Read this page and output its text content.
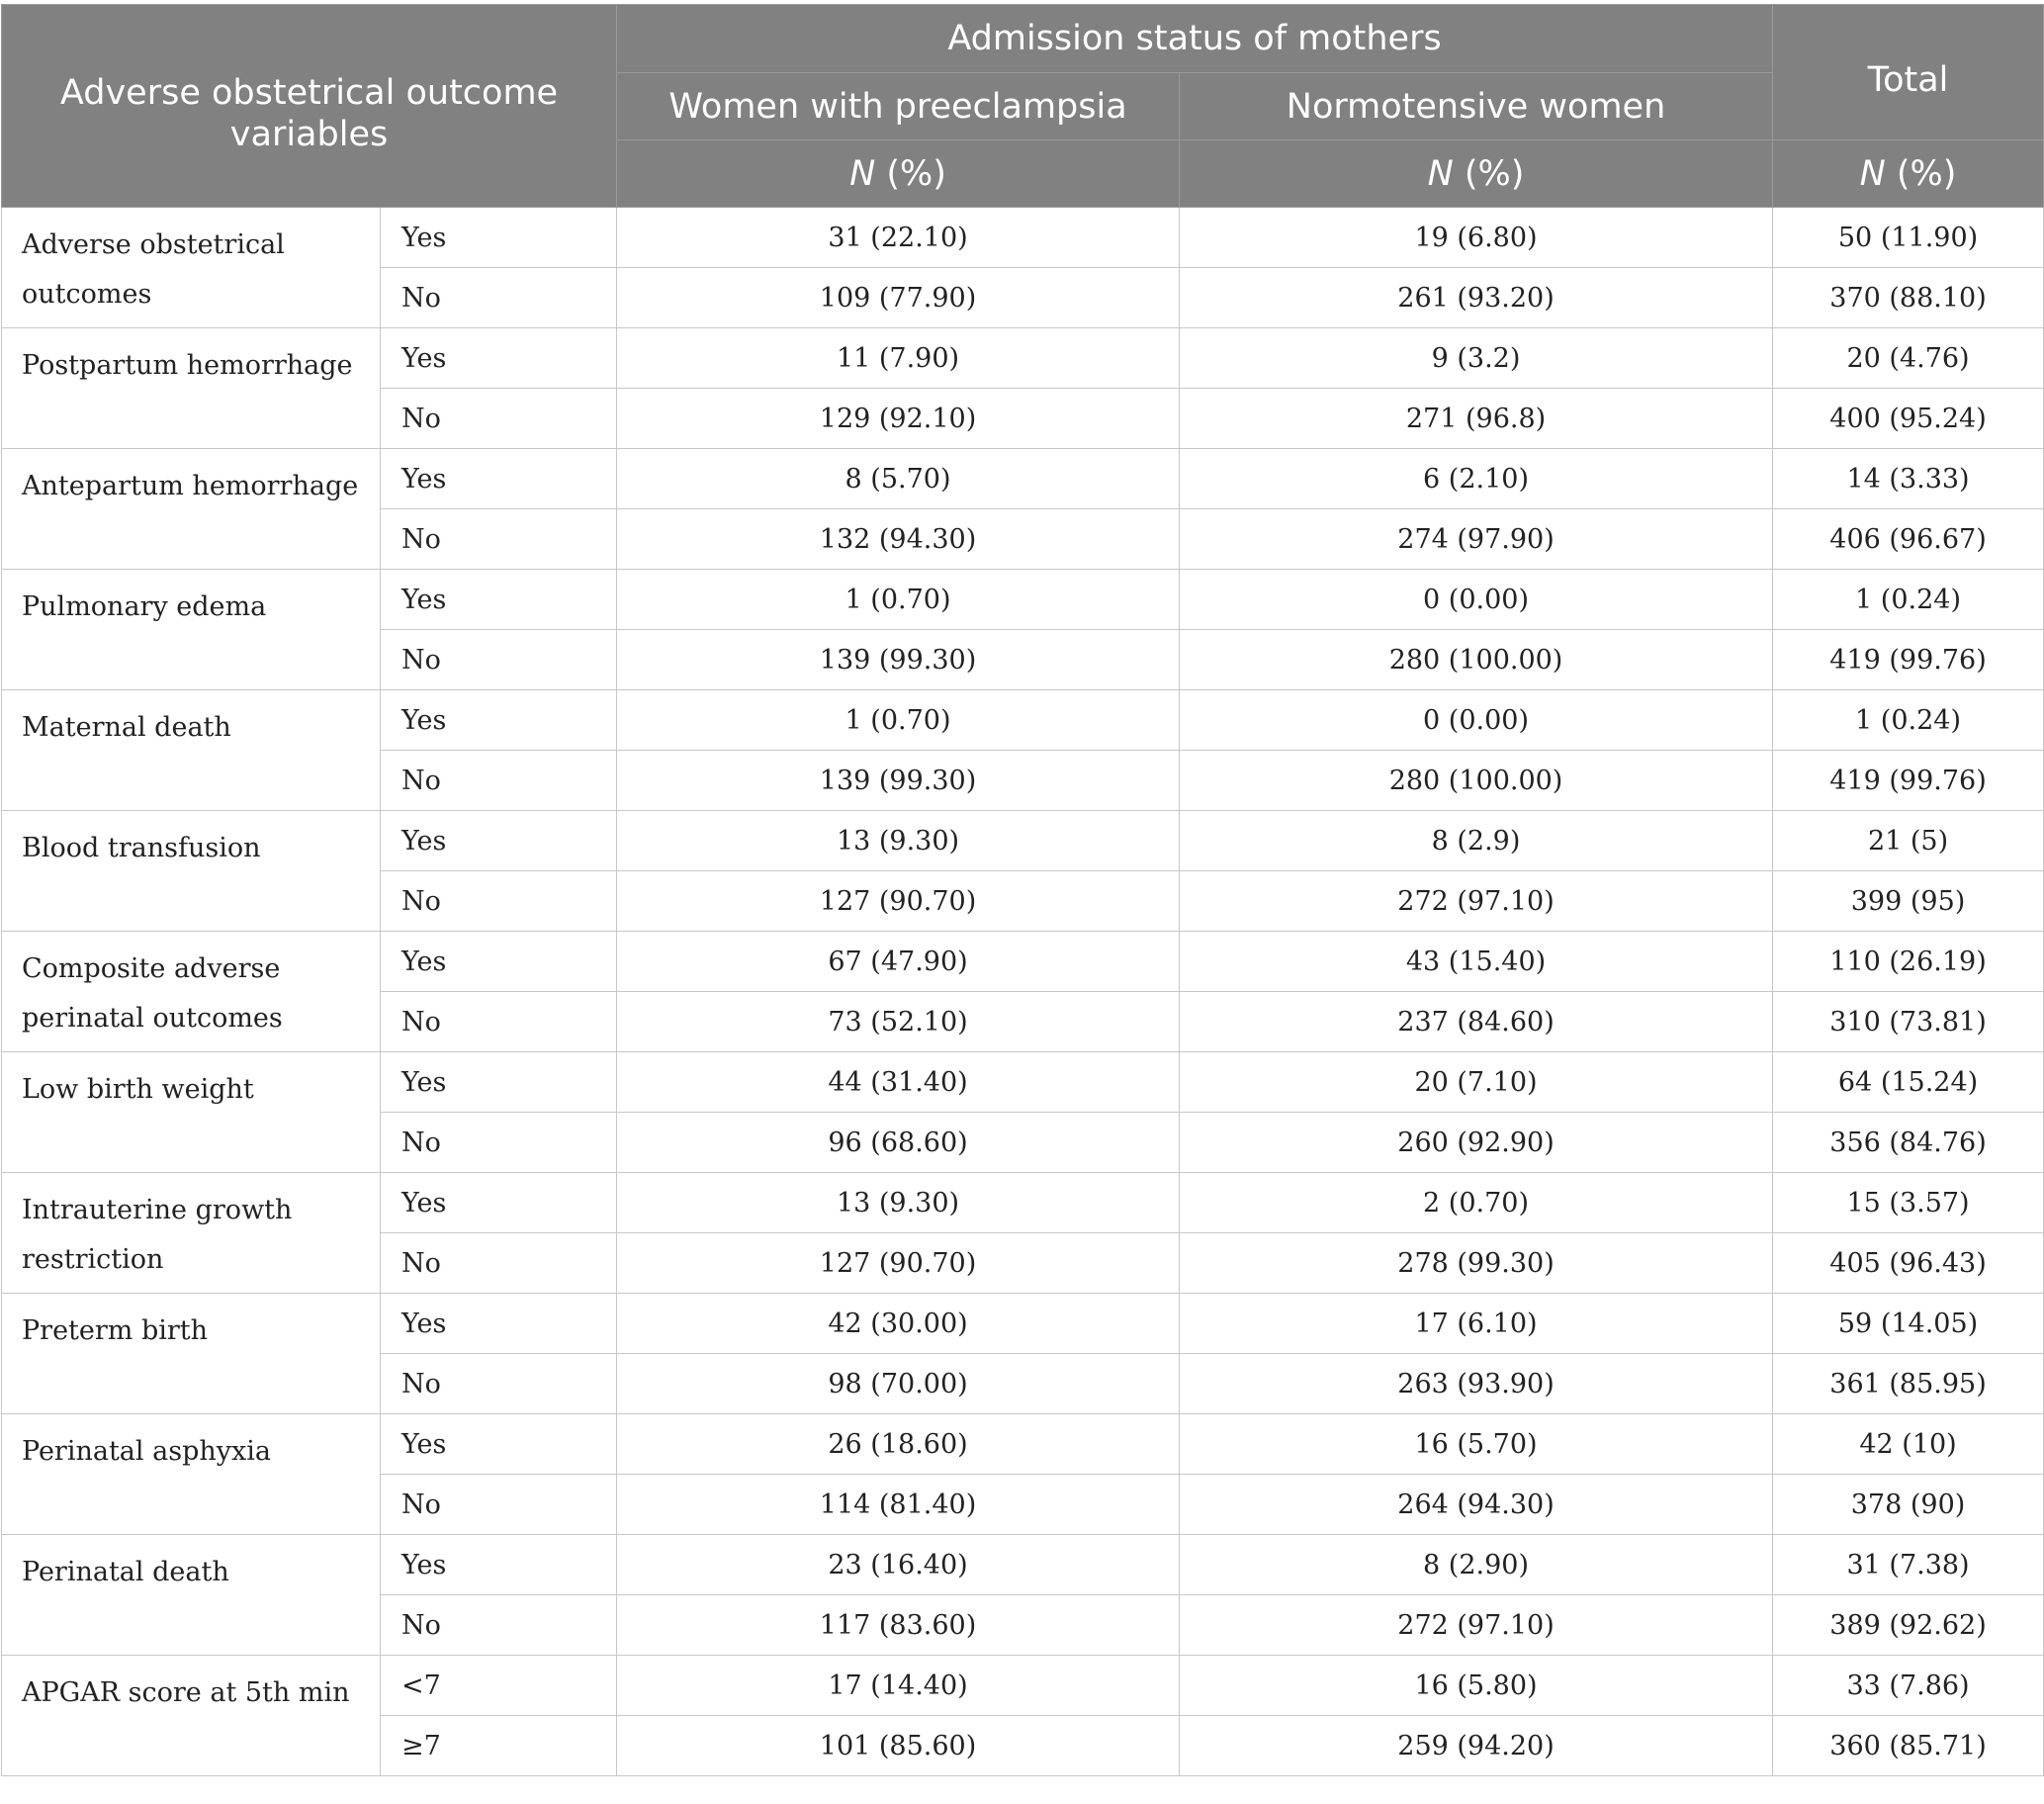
Adverse obstetrical outcome variables		Admission status of mothers		Total
		Women with preeclampsia	Normotensive women	
		N (%)	N (%)	N (%)
Adverse obstetrical outcomes	Yes	31 (22.10)	19 (6.80)	50 (11.90)
	No	109 (77.90)	261 (93.20)	370 (88.10)
Postpartum hemorrhage	Yes	11 (7.90)	9 (3.2)	20 (4.76)
	No	129 (92.10)	271 (96.8)	400 (95.24)
Antepartum hemorrhage	Yes	8 (5.70)	6 (2.10)	14 (3.33)
	No	132 (94.30)	274 (97.90)	406 (96.67)
Pulmonary edema	Yes	1 (0.70)	0 (0.00)	1 (0.24)
	No	139 (99.30)	280 (100.00)	419 (99.76)
Maternal death	Yes	1 (0.70)	0 (0.00)	1 (0.24)
	No	139 (99.30)	280 (100.00)	419 (99.76)
Blood transfusion	Yes	13 (9.30)	8 (2.9)	21 (5)
	No	127 (90.70)	272 (97.10)	399 (95)
Composite adverse perinatal outcomes	Yes	67 (47.90)	43 (15.40)	110 (26.19)
	No	73 (52.10)	237 (84.60)	310 (73.81)
Low birth weight	Yes	44 (31.40)	20 (7.10)	64 (15.24)
	No	96 (68.60)	260 (92.90)	356 (84.76)
Intrauterine growth restriction	Yes	13 (9.30)	2 (0.70)	15 (3.57)
	No	127 (90.70)	278 (99.30)	405 (96.43)
Preterm birth	Yes	42 (30.00)	17 (6.10)	59 (14.05)
	No	98 (70.00)	263 (93.90)	361 (85.95)
Perinatal asphyxia	Yes	26 (18.60)	16 (5.70)	42 (10)
	No	114 (81.40)	264 (94.30)	378 (90)
Perinatal death	Yes	23 (16.40)	8 (2.90)	31 (7.38)
	No	117 (83.60)	272 (97.10)	389 (92.62)
APGAR score at 5th min	<7	17 (14.40)	16 (5.80)	33 (7.86)
	≥7	101 (85.60)	259 (94.20)	360 (85.71)
